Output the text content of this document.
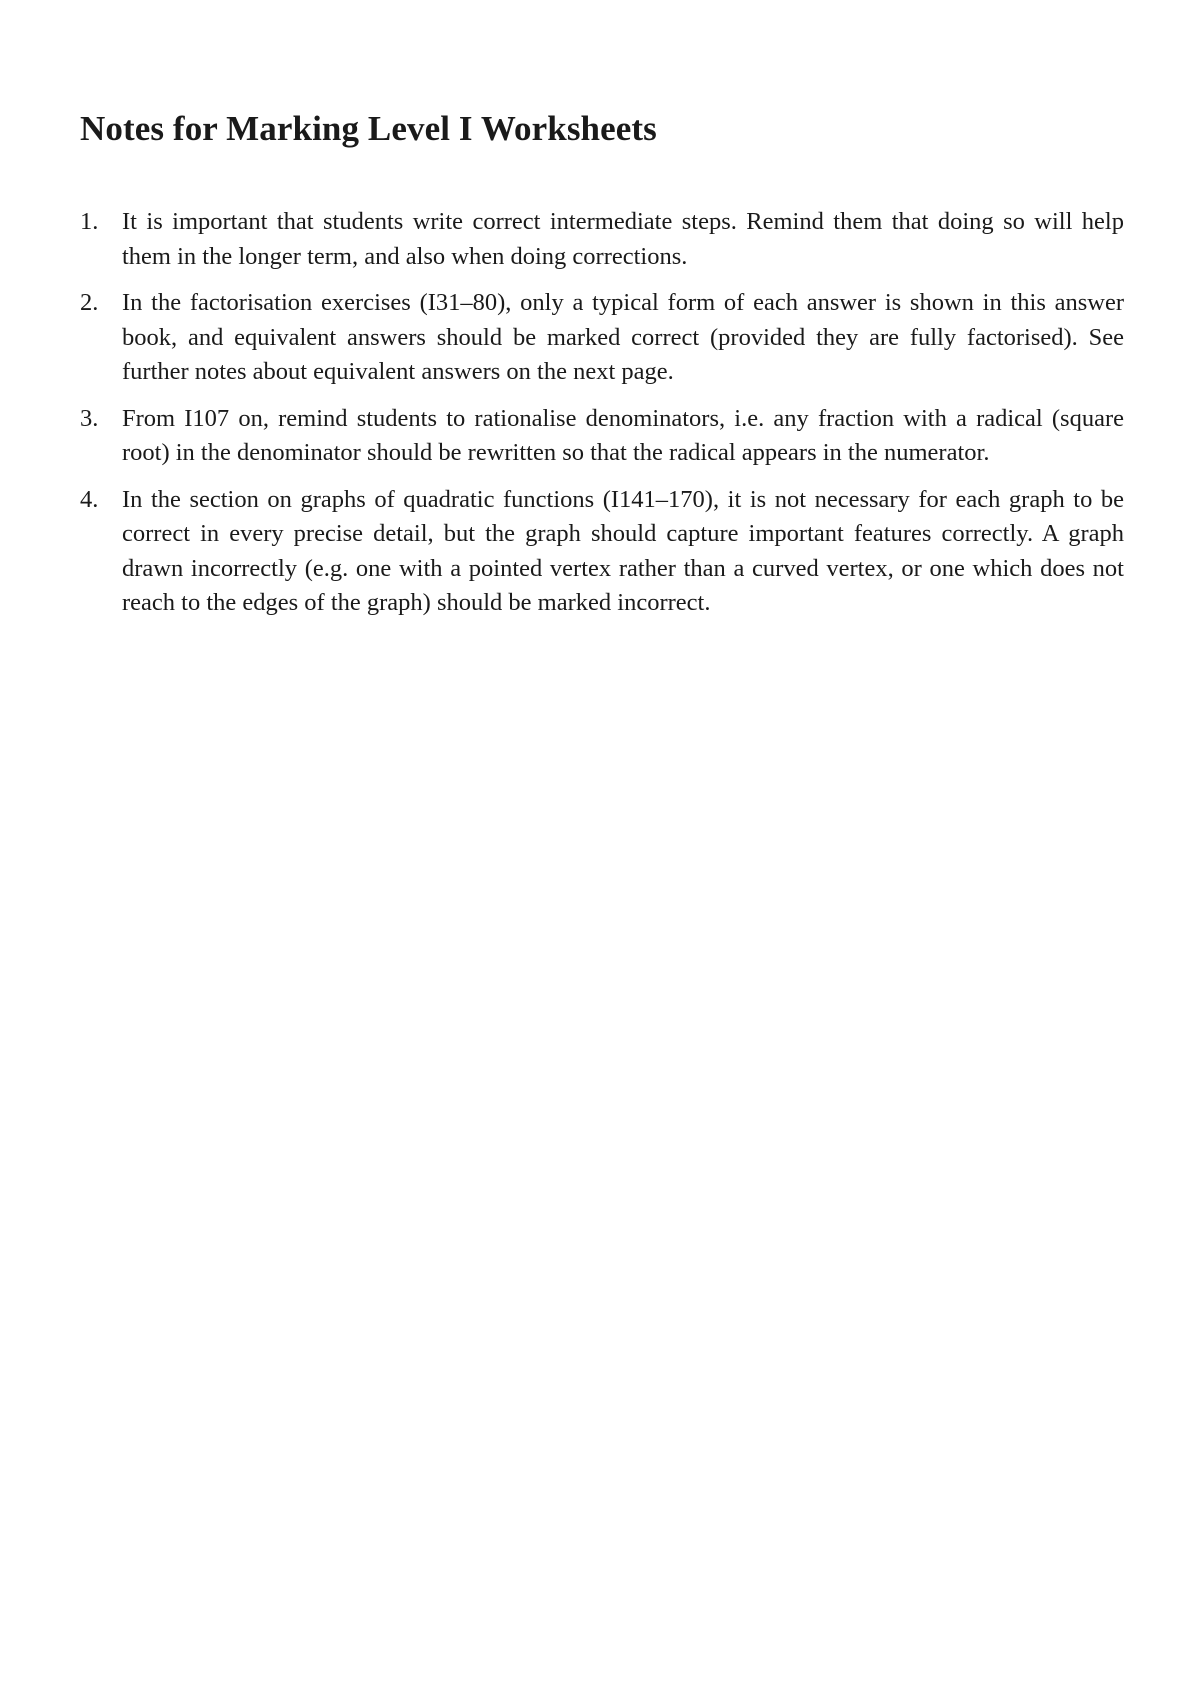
Notes for Marking Level I Worksheets
1. It is important that students write correct intermediate steps. Remind them that doing so will help them in the longer term, and also when doing corrections.
2. In the factorisation exercises (I31–80), only a typical form of each answer is shown in this answer book, and equivalent answers should be marked correct (provided they are fully factorised). See further notes about equivalent answers on the next page.
3. From I107 on, remind students to rationalise denominators, i.e. any fraction with a radical (square root) in the denominator should be rewritten so that the radical appears in the numerator.
4. In the section on graphs of quadratic functions (I141–170), it is not necessary for each graph to be correct in every precise detail, but the graph should capture important features correctly. A graph drawn incorrectly (e.g. one with a pointed vertex rather than a curved vertex, or one which does not reach to the edges of the graph) should be marked incorrect.
